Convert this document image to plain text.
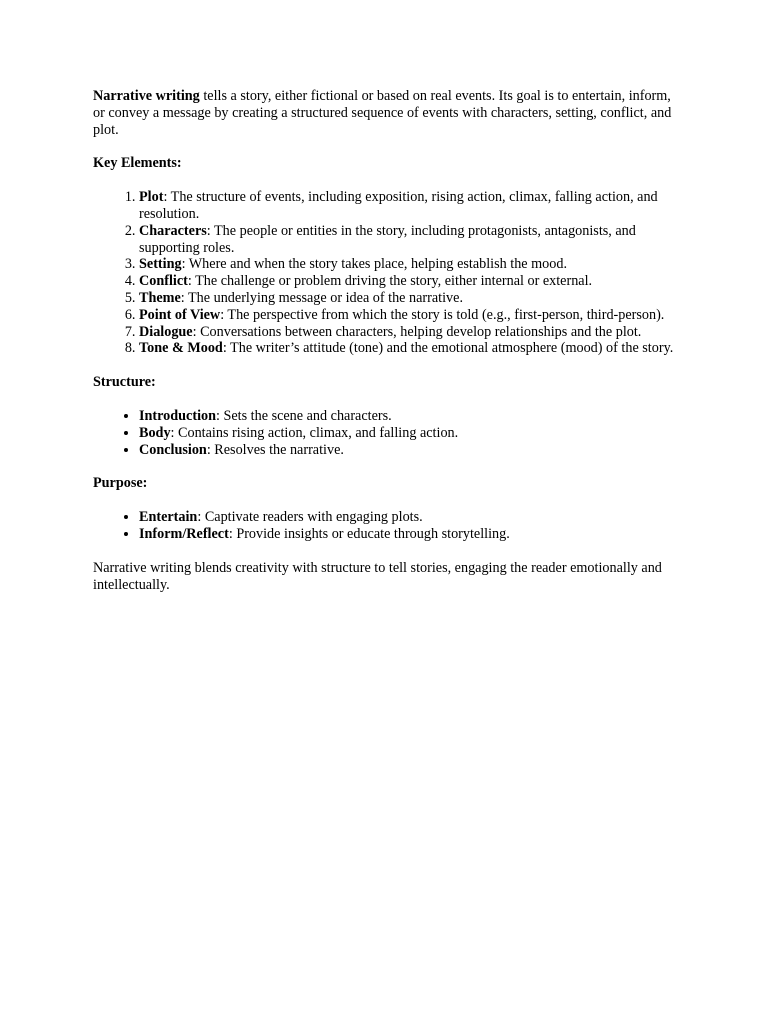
Narrative writing tells a story, either fictional or based on real events. Its goal is to entertain, inform, or convey a message by creating a structured sequence of events with characters, setting, conflict, and plot.

Key Elements:

1. Plot: The structure of events, including exposition, rising action, climax, falling action, and resolution.
2. Characters: The people or entities in the story, including protagonists, antagonists, and supporting roles.
3. Setting: Where and when the story takes place, helping establish the mood.
4. Conflict: The challenge or problem driving the story, either internal or external.
5. Theme: The underlying message or idea of the narrative.
6. Point of View: The perspective from which the story is told (e.g., first-person, third-person).
7. Dialogue: Conversations between characters, helping develop relationships and the plot.
8. Tone & Mood: The writer’s attitude (tone) and the emotional atmosphere (mood) of the story.

Structure:

• Introduction: Sets the scene and characters.
• Body: Contains rising action, climax, and falling action.
• Conclusion: Resolves the narrative.

Purpose:

• Entertain: Captivate readers with engaging plots.
• Inform/Reflect: Provide insights or educate through storytelling.

Narrative writing blends creativity with structure to tell stories, engaging the reader emotionally and intellectually.
